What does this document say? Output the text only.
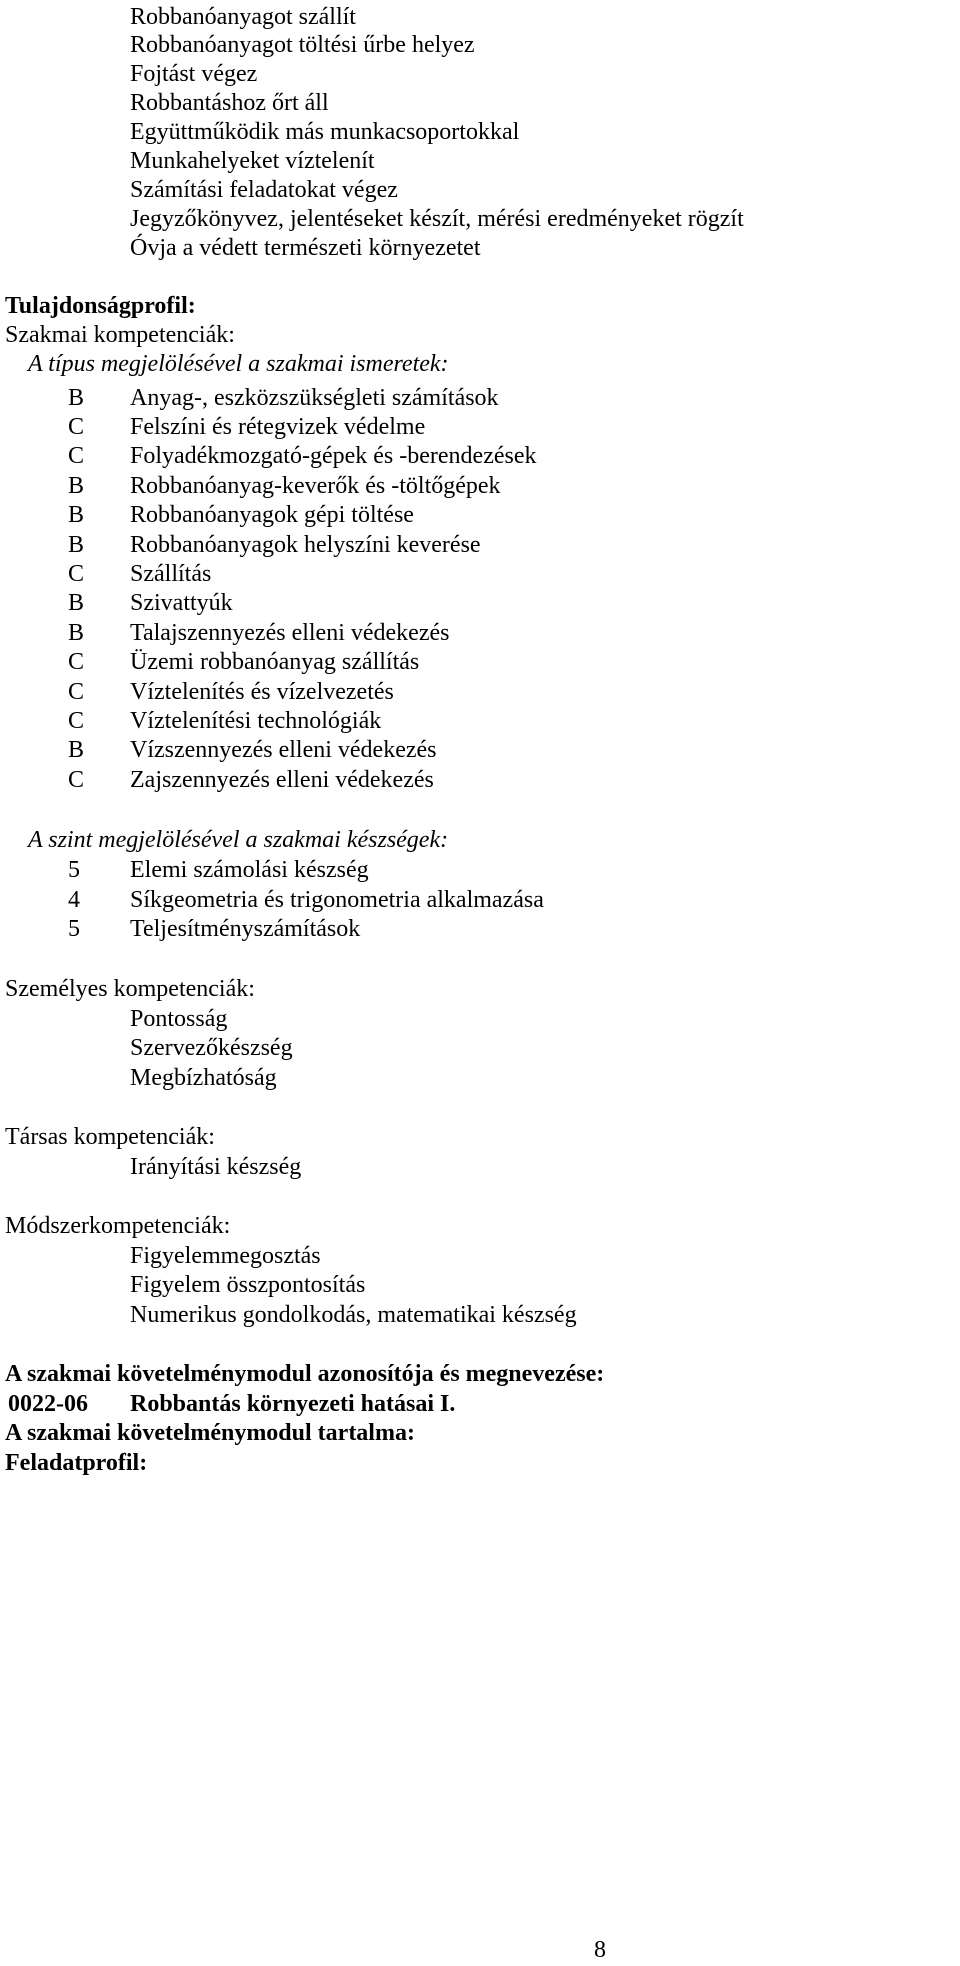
Robbanóanyagot szállít
Robbanóanyagot töltési űrbe helyez
Fojtást végez
Robbantáshoz őrt áll
Együttműködik más munkacsoportokkal
Munkahelyeket víztelenít
Számítási feladatokat végez
Jegyzőkönyvez, jelentéseket készít, mérési eredményeket rögzít
Óvja a védett természeti környezetet
Tulajdonságprofil:
Szakmai kompetenciák:
A típus megjelölésével a szakmai ismeretek:
B Anyag-, eszközszükségleti számítások
C Felszíni és rétegvizek védelme
C Folyadékmozgató-gépek és -berendezések
B Robbanóanyag-keverők és -töltőgépek
B Robbanóanyagok gépi töltése
B Robbanóanyagok helyszíni keverése
C Szállítás
B Szivattyúk
B Talajszennyezés elleni védekezés
C Üzemi robbanóanyag szállítás
C Víztelenítés és vízelvezetés
C Víztelenítési technológiák
B Vízszennyezés elleni védekezés
C Zajszennyezés elleni védekezés
A szint megjelölésével a szakmai készségek:
5 Elemi számolási készség
4 Síkgeometria és trigonometria alkalmazása
5 Teljesítményszámítások
Személyes kompetenciák:
Pontosság
Szervezőkészség
Megbízhatóság
Társas kompetenciák:
Irányítási készség
Módszerkompetenciák:
Figyelemmegosztás
Figyelem összpontosítás
Numerikus gondolkodás, matematikai készség
A szakmai követelménymodul azonosítója és megnevezése:
0022-06 Robbantás környezeti hatásai I.
A szakmai követelménymodul tartalma:
Feladatprofil:
8
